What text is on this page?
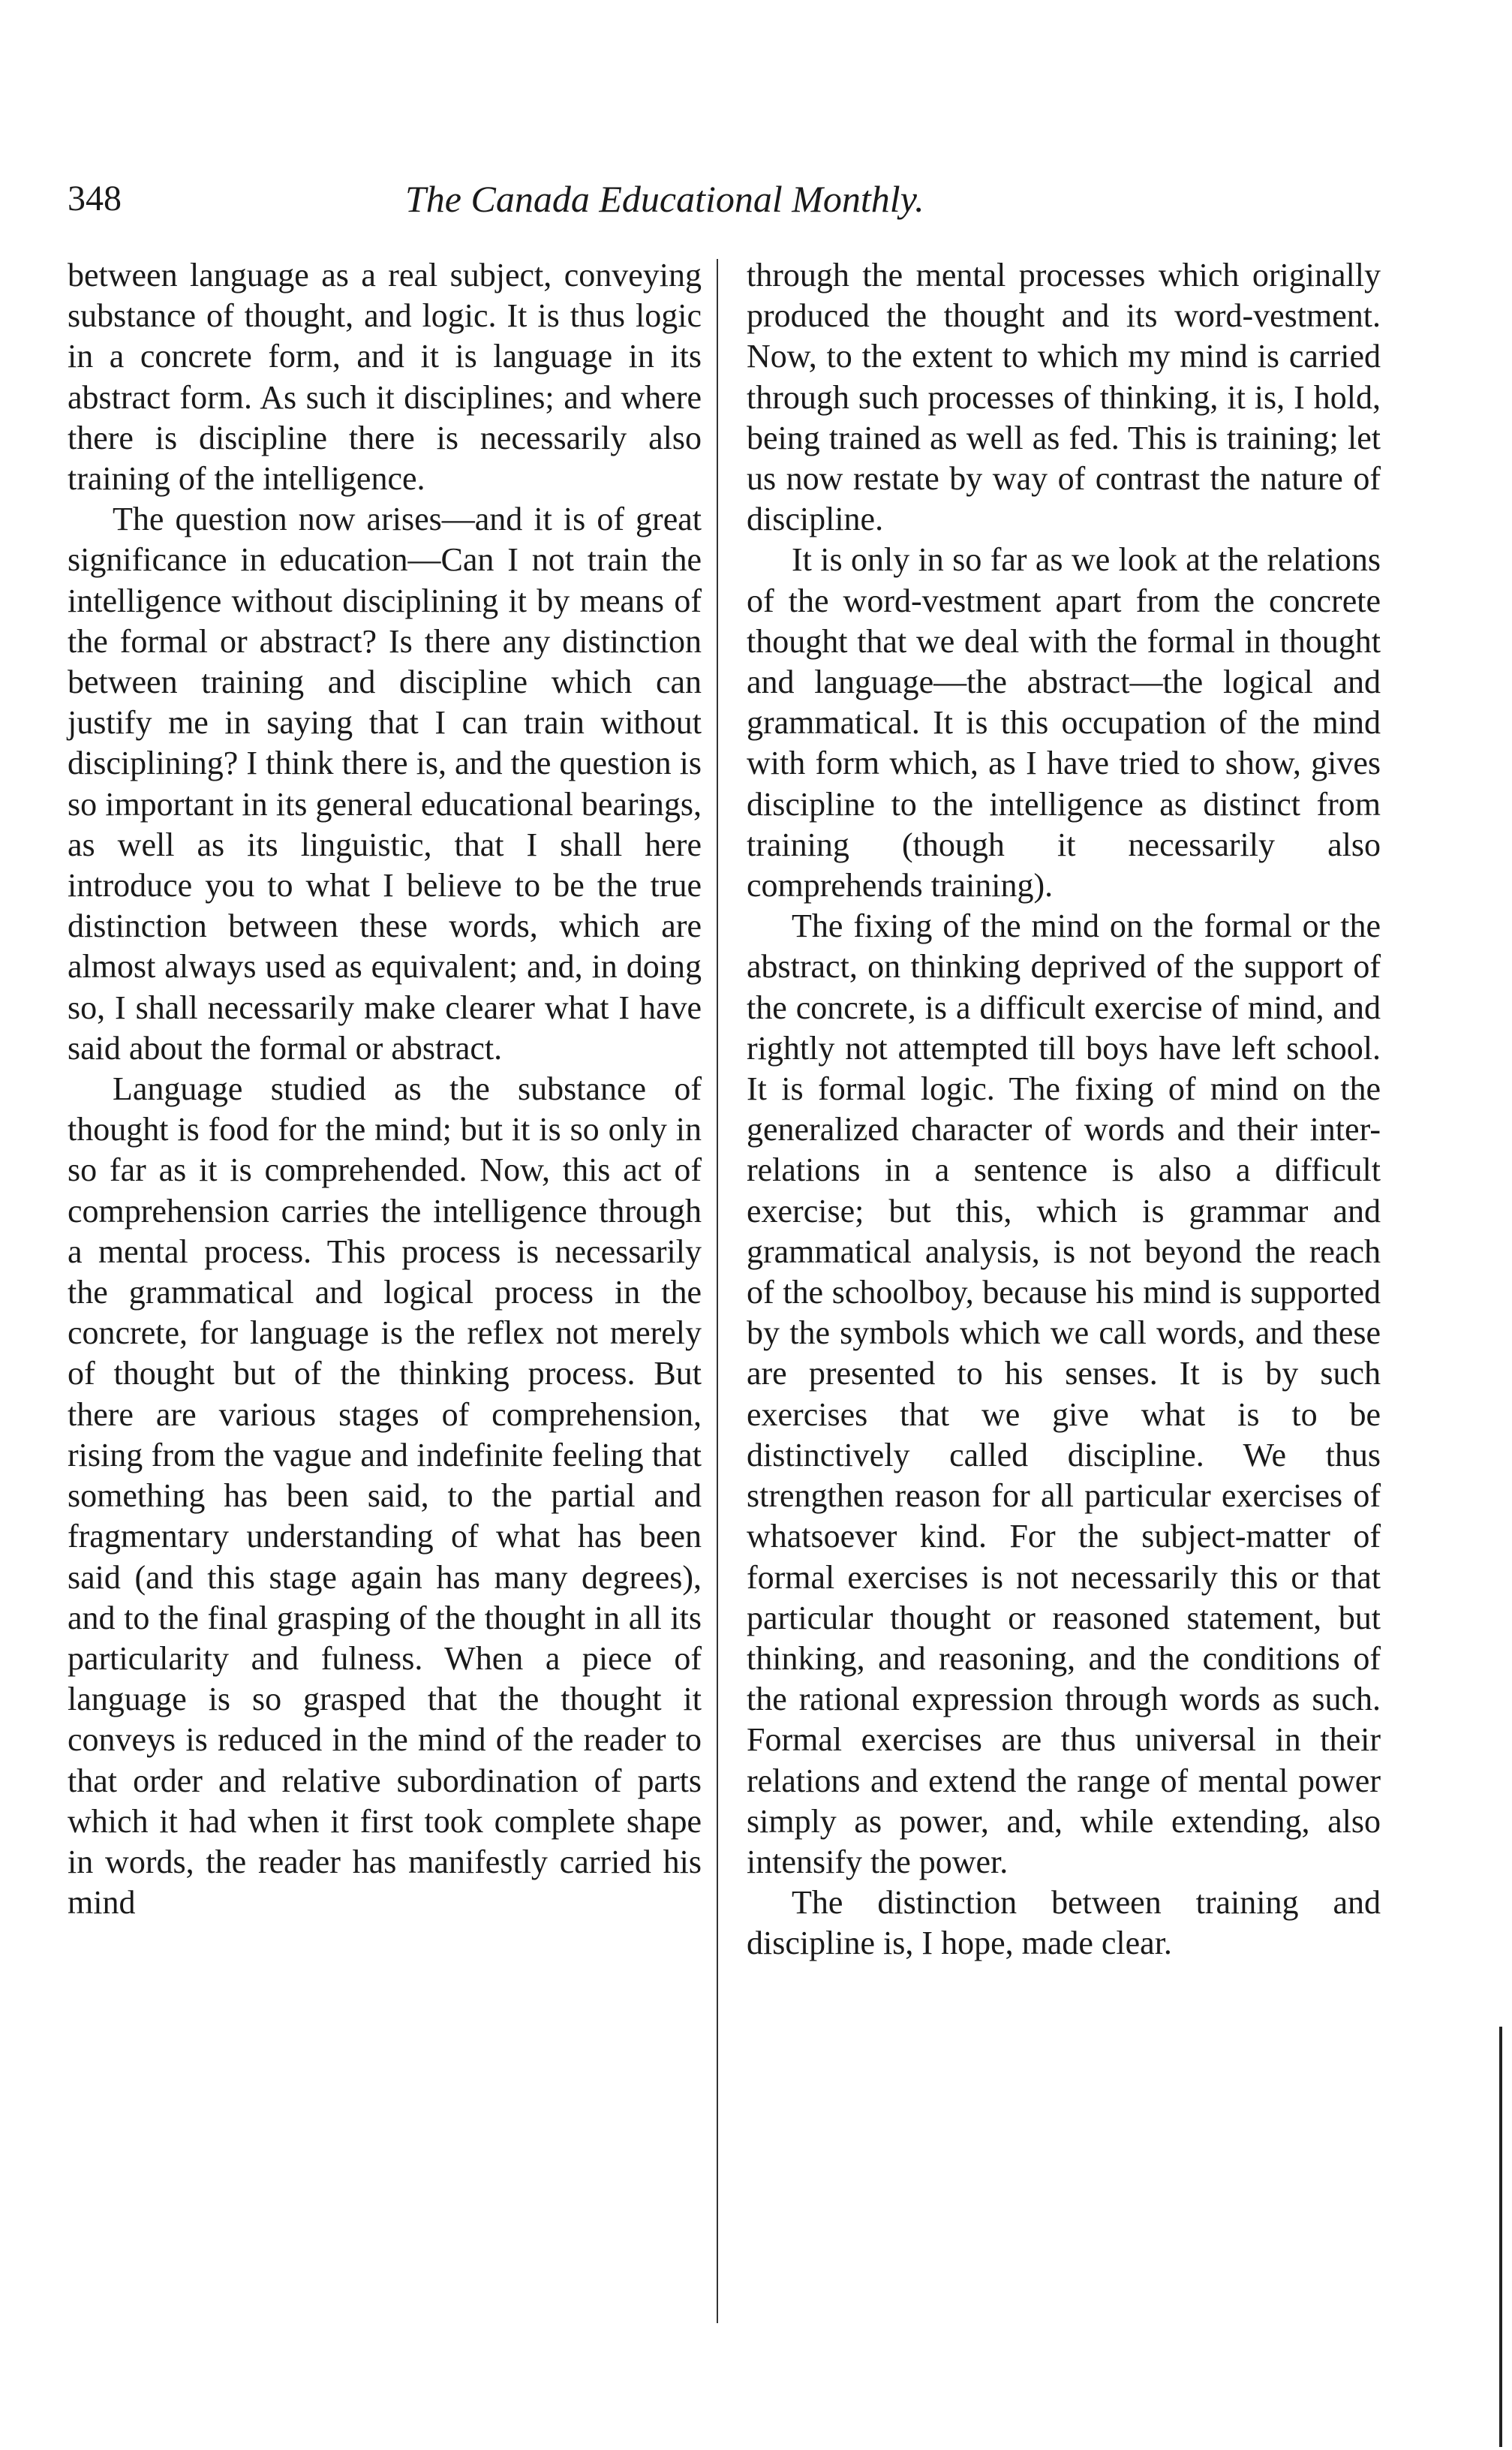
348	The Canada Educational Monthly.

between language as a real subject, conveying substance of thought, and logic. It is thus logic in a concrete form, and it is language in its abstract form. As such it disciplines; and where there is discipline there is necessarily also training of the intelligence.

The question now arises—and it is of great significance in education—Can I not train the intelligence without disciplining it by means of the formal or abstract? Is there any distinction between training and discipline which can justify me in saying that I can train without disciplining? I think there is, and the question is so important in its general educational bearings, as well as its linguistic, that I shall here introduce you to what I believe to be the true distinction between these words, which are almost always used as equivalent; and, in doing so, I shall necessarily make clearer what I have said about the formal or abstract.

Language studied as the substance of thought is food for the mind; but it is so only in so far as it is comprehended. Now, this act of comprehension carries the intelligence through a mental process. This process is necessarily the grammatical and logical process in the concrete, for language is the reflex not merely of thought but of the thinking process. But there are various stages of comprehension, rising from the vague and indefinite feeling that something has been said, to the partial and fragmentary understanding of what has been said (and this stage again has many degrees), and to the final grasping of the thought in all its particularity and fulness. When a piece of language is so grasped that the thought it conveys is reduced in the mind of the reader to that order and relative subordination of parts which it had when it first took complete shape in words, the reader has manifestly carried his mind

through the mental processes which originally produced the thought and its word-vestment. Now, to the extent to which my mind is carried through such processes of thinking, it is, I hold, being trained as well as fed. This is training; let us now restate by way of contrast the nature of discipline.

It is only in so far as we look at the relations of the word-vestment apart from the concrete thought that we deal with the formal in thought and language—the abstract—the logical and grammatical. It is this occupation of the mind with form which, as I have tried to show, gives discipline to the intelligence as distinct from training (though it necessarily also comprehends training).

The fixing of the mind on the formal or the abstract, on thinking deprived of the support of the concrete, is a difficult exercise of mind, and rightly not attempted till boys have left school. It is formal logic. The fixing of mind on the generalized character of words and their inter-relations in a sentence is also a difficult exercise; but this, which is grammar and grammatical analysis, is not beyond the reach of the schoolboy, because his mind is supported by the symbols which we call words, and these are presented to his senses. It is by such exercises that we give what is to be distinctively called discipline. We thus strengthen reason for all particular exercises of whatsoever kind. For the subject-matter of formal exercises is not necessarily this or that particular thought or reasoned statement, but thinking, and reasoning, and the conditions of the rational expression through words as such. Formal exercises are thus universal in their relations and extend the range of mental power simply as power, and, while extending, also intensify the power.

The distinction between training and discipline is, I hope, made clear.
